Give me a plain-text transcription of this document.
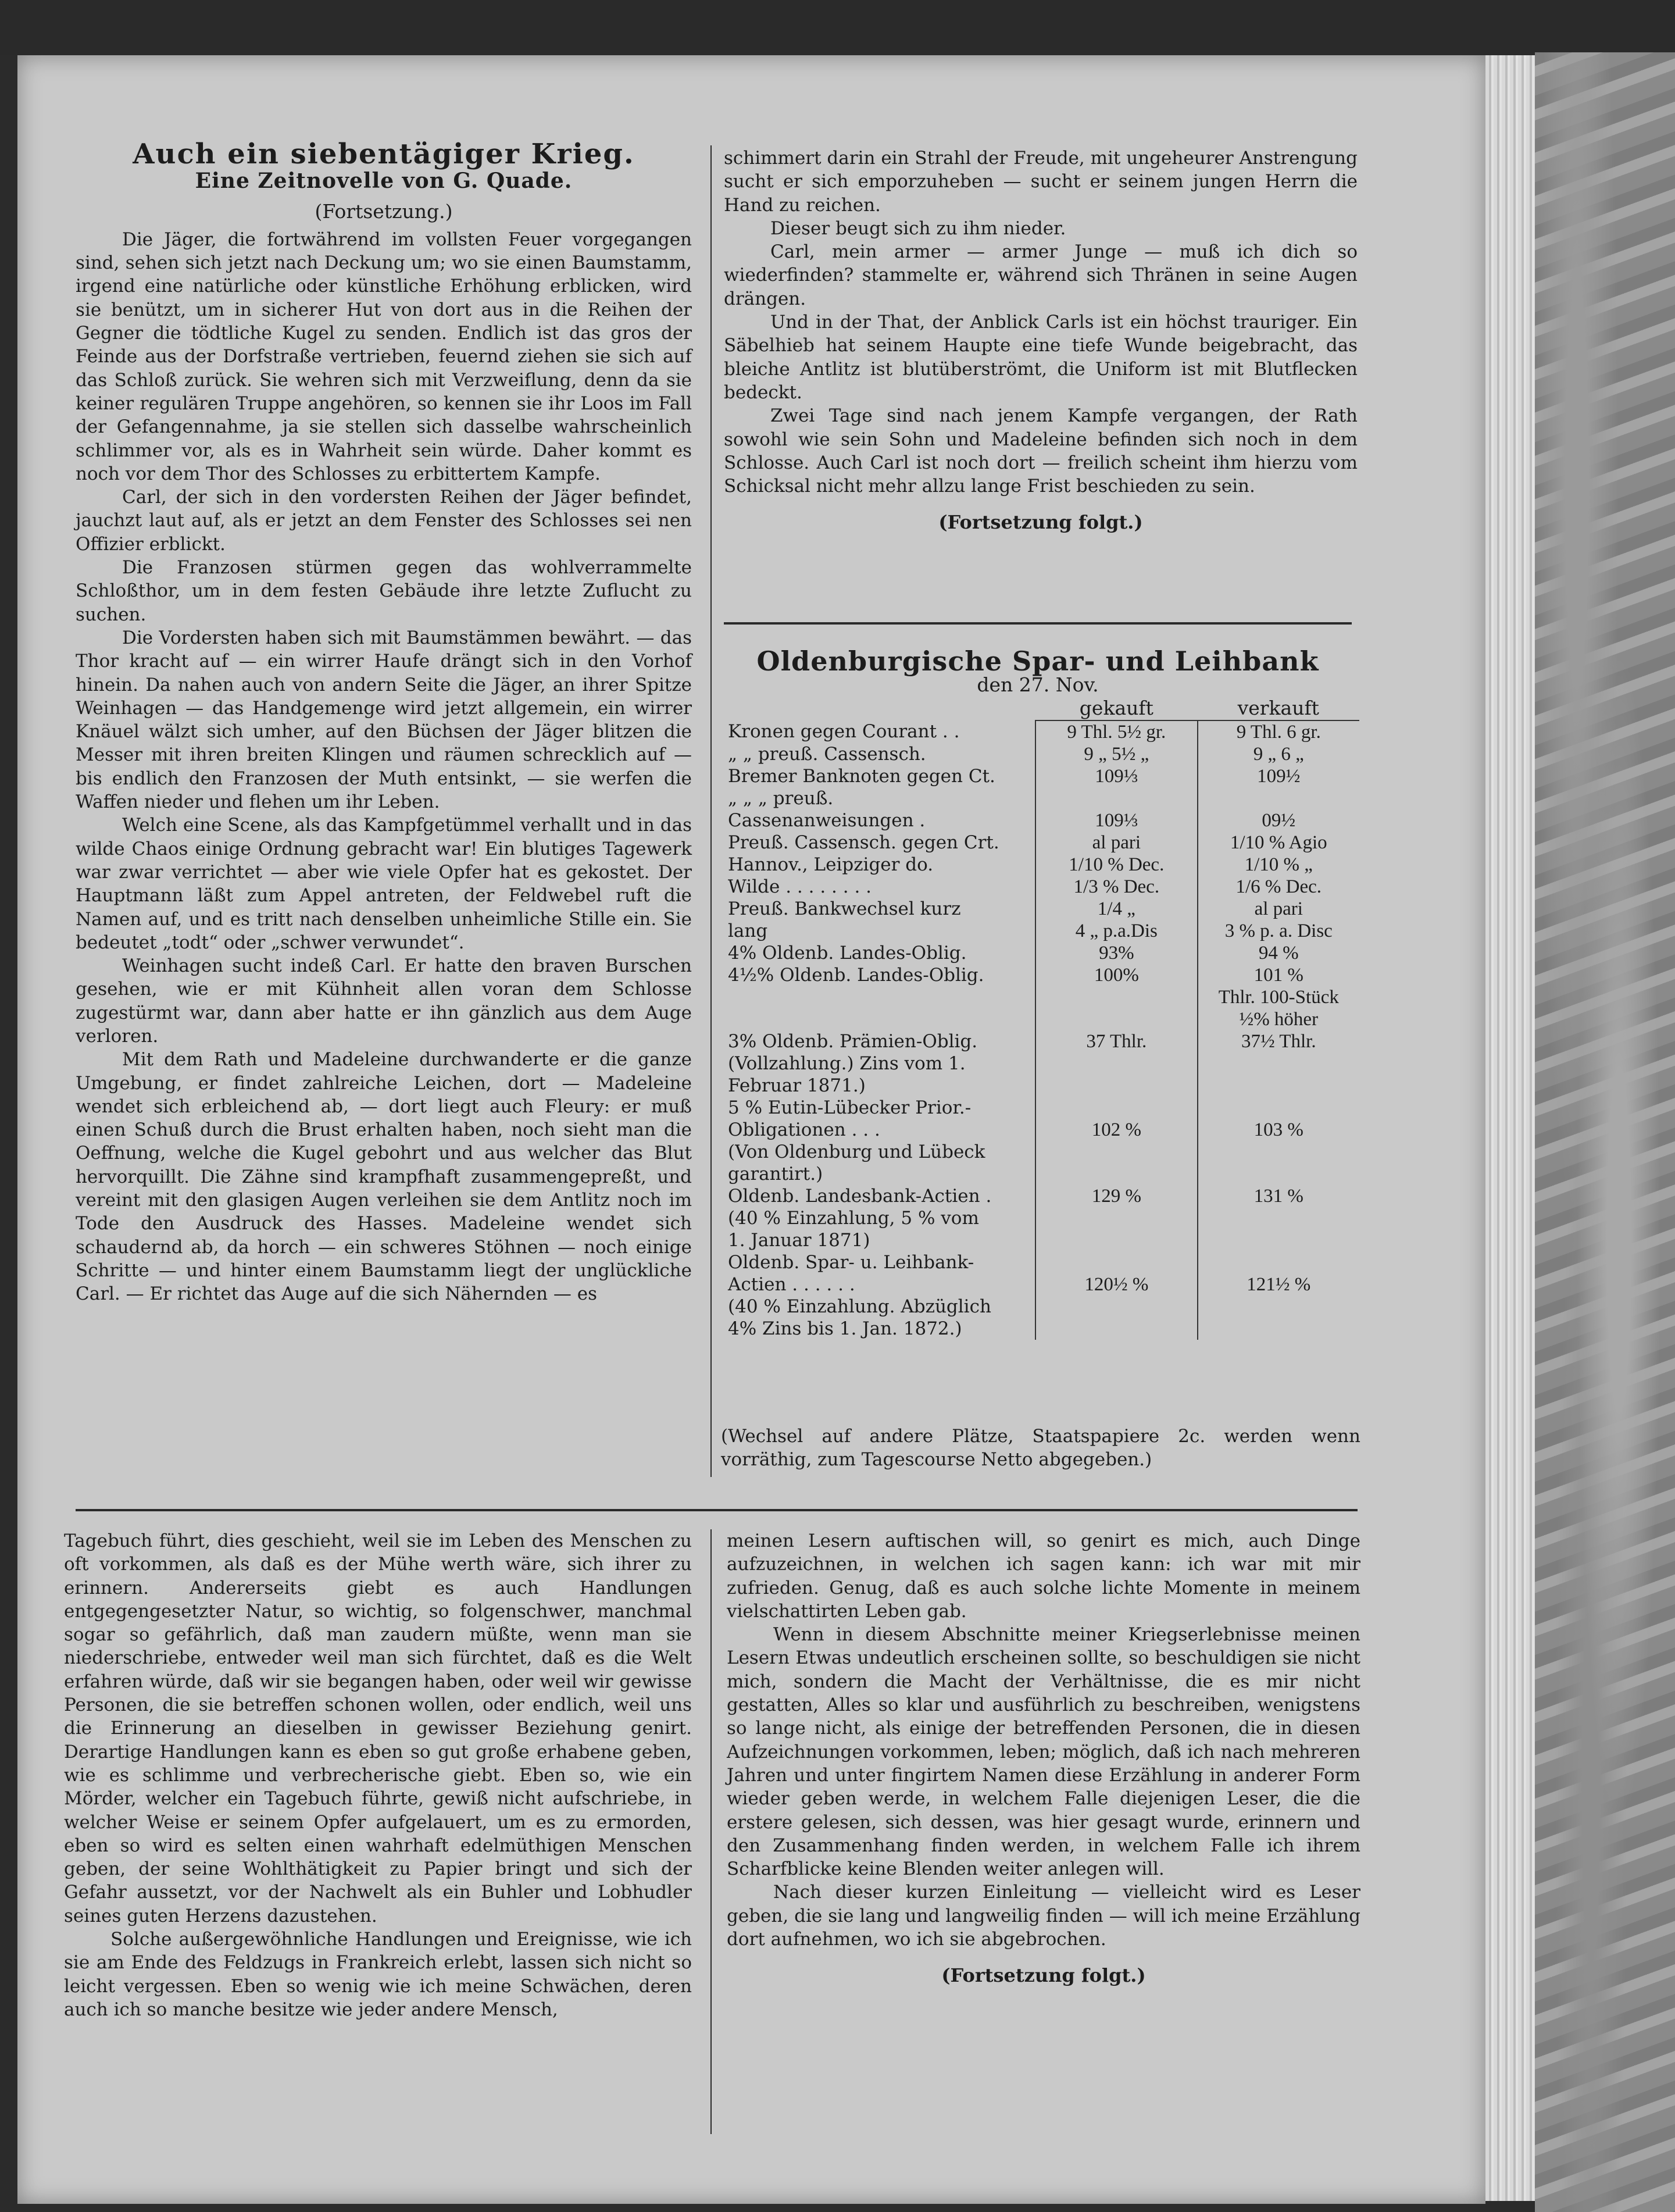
Auch ein siebentägiger Krieg.
Eine Zeitnovelle von G. Quade.
(Fortsetzung.)

Die Jäger, die fortwährend im vollsten Feuer vorgegangen sind, sehen sich jetzt nach Deckung um; wo sie einen Baumstamm, irgend eine natürliche oder künstliche Erhöhung erblicken, wird sie benützt, um in sicherer Hut von dort aus in die Reihen der Gegner die tödtliche Kugel zu senden. Endlich ist das gros der Feinde aus der Dorfstraße vertrieben, feuernd ziehen sie sich auf das Schloß zurück. Sie wehren sich mit Verzweiflung, denn da sie keiner regulären Truppe angehören, so kennen sie ihr Loos im Fall der Gefangennahme, ja sie stellen sich dasselbe wahrscheinlich schlimmer vor, als es in Wahrheit sein würde. Daher kommt es noch vor dem Thor des Schlosses zu erbittertem Kampfe.

Carl, der sich in den vordersten Reihen der Jäger befindet, jauchzt laut auf, als er jetzt an dem Fenster des Schlosses sei nen Offizier erblickt.

Die Franzosen stürmen gegen das wohlverrammelte Schloßthor, um in dem festen Gebäude ihre letzte Zuflucht zu suchen.

Die Vordersten haben sich mit Baumstämmen bewährt. — das Thor kracht auf — ein wirrer Haufe drängt sich in den Vorhof hinein. Da nahen auch von andern Seite die Jäger, an ihrer Spitze Weinhagen — das Handgemenge wird jetzt allgemein, ein wirrer Knäuel wälzt sich umher, auf den Büchsen der Jäger blitzen die Messer mit ihren breiten Klingen und räumen schrecklich auf — bis endlich den Franzosen der Muth entsinkt, — sie werfen die Waffen nieder und flehen um ihr Leben.

Welch eine Scene, als das Kampfgetümmel verhallt und in das wilde Chaos einige Ordnung gebracht war! Ein blutiges Tagewerk war zwar verrichtet — aber wie viele Opfer hat es gekostet. Der Hauptmann läßt zum Appel antreten, der Feldwebel ruft die Namen auf, und es tritt nach denselben unheimliche Stille ein. Sie bedeutet „todt“ oder „schwer verwundet“.

Weinhagen sucht indeß Carl. Er hatte den braven Burschen gesehen, wie er mit Kühnheit allen voran dem Schlosse zugestürmt war, dann aber hatte er ihn gänzlich aus dem Auge verloren.

Mit dem Rath und Madeleine durchwanderte er die ganze Umgebung, er findet zahlreiche Leichen, dort — Madeleine wendet sich erbleichend ab, — dort liegt auch Fleury: er muß einen Schuß durch die Brust erhalten haben, noch sieht man die Oeffnung, welche die Kugel gebohrt und aus welcher das Blut hervorquillt. Die Zähne sind krampfhaft zusammengepreßt, und vereint mit den glasigen Augen verleihen sie dem Antlitz noch im Tode den Ausdruck des Hasses. Madeleine wendet sich schaudernd ab, da horch — ein schweres Stöhnen — noch einige Schritte — und hinter einem Baumstamm liegt der unglückliche Carl. — Er richtet das Auge auf die sich Nähernden — es

schimmert darin ein Strahl der Freude, mit ungeheurer Anstrengung sucht er sich emporzuheben — sucht er seinem jungen Herrn die Hand zu reichen.

Dieser beugt sich zu ihm nieder.

Carl, mein armer — armer Junge — muß ich dich so wiederfinden? stammelte er, während sich Thränen in seine Augen drängen.

Und in der That, der Anblick Carls ist ein höchst trauriger. Ein Säbelhieb hat seinem Haupte eine tiefe Wunde beigebracht, das bleiche Antlitz ist blutüberströmt, die Uniform ist mit Blutflecken bedeckt.

Zwei Tage sind nach jenem Kampfe vergangen, der Rath sowohl wie sein Sohn und Madeleine befinden sich noch in dem Schlosse. Auch Carl ist noch dort — freilich scheint ihm hierzu vom Schicksal nicht mehr allzu lange Frist beschieden zu sein.

(Fortsetzung folgt.)
Oldenburgische Spar- und Leihbank
den 27. Nov.
	gekauft	verkauft
Kronen gegen Courant . .	9 Thl. 5½ gr.	9 Thl. 6 gr.
„ „ preuß. Cassensch.	9 „ 5½ „	9 „ 6 „
Bremer Banknoten gegen Ct.	109⅓	109½
„ „ „ preuß.		
Cassenanweisungen .	109⅓	09½
Preuß. Cassensch. gegen Crt.	al pari	1/10 % Agio
Hannov., Leipziger do.	1/10 % Dec.	1/10 % „
Wilde . . . . . . . .	1/3 % Dec.	1/6 % Dec.
Preuß. Bankwechsel kurz	1/4 „	al pari
lang	4 „ p.a.Dis	3 % p. a. Disc
4% Oldenb. Landes-Oblig.	93%	94 %
4½% Oldenb. Landes-Oblig.	100%	101 %
		Thlr. 100-Stück
		½% höher
3% Oldenb. Prämien-Oblig.	37 Thlr.	37½ Thlr.
(Vollzahlung.) Zins vom 1.		
Februar 1871.)		
5 % Eutin-Lübecker Prior.-		
Obligationen . . .	102 %	103 %
(Von Oldenburg und Lübeck		
garantirt.)		
Oldenb. Landesbank-Actien .	129 %	131 %
(40 % Einzahlung, 5 % vom		
1. Januar 1871)		
Oldenb. Spar- u. Leihbank-		
Actien . . . . . .	120½ %	121½ %
(40 % Einzahlung. Abzüglich		
4% Zins bis 1. Jan. 1872.)		
(Wechsel auf andere Plätze, Staatspapiere 2c. werden wenn vorräthig, zum Tagescourse Netto abgegeben.)

Tagebuch führt, dies geschieht, weil sie im Leben des Menschen zu oft vorkommen, als daß es der Mühe werth wäre, sich ihrer zu erinnern. Andererseits giebt es auch Handlungen entgegengesetzter Natur, so wichtig, so folgenschwer, manchmal sogar so gefährlich, daß man zaudern müßte, wenn man sie niederschriebe, entweder weil man sich fürchtet, daß es die Welt erfahren würde, daß wir sie begangen haben, oder weil wir gewisse Personen, die sie betreffen schonen wollen, oder endlich, weil uns die Erinnerung an dieselben in gewisser Beziehung genirt. Derartige Handlungen kann es eben so gut große erhabene geben, wie es schlimme und verbrecherische giebt. Eben so, wie ein Mörder, welcher ein Tagebuch führte, gewiß nicht aufschriebe, in welcher Weise er seinem Opfer aufgelauert, um es zu ermorden, eben so wird es selten einen wahrhaft edelmüthigen Menschen geben, der seine Wohlthätigkeit zu Papier bringt und sich der Gefahr aussetzt, vor der Nachwelt als ein Buhler und Lobhudler seines guten Herzens dazustehen.

Solche außergewöhnliche Handlungen und Ereignisse, wie ich sie am Ende des Feldzugs in Frankreich erlebt, lassen sich nicht so leicht vergessen. Eben so wenig wie ich meine Schwächen, deren auch ich so manche besitze wie jeder andere Mensch,

meinen Lesern auftischen will, so genirt es mich, auch Dinge aufzuzeichnen, in welchen ich sagen kann: ich war mit mir zufrieden. Genug, daß es auch solche lichte Momente in meinem vielschattirten Leben gab.

Wenn in diesem Abschnitte meiner Kriegserlebnisse meinen Lesern Etwas undeutlich erscheinen sollte, so beschuldigen sie nicht mich, sondern die Macht der Verhältnisse, die es mir nicht gestatten, Alles so klar und ausführlich zu beschreiben, wenigstens so lange nicht, als einige der betreffenden Personen, die in diesen Aufzeichnungen vorkommen, leben; möglich, daß ich nach mehreren Jahren und unter fingirtem Namen diese Erzählung in anderer Form wieder geben werde, in welchem Falle diejenigen Leser, die die erstere gelesen, sich dessen, was hier gesagt wurde, erinnern und den Zusammenhang finden werden, in welchem Falle ich ihrem Scharfblicke keine Blenden weiter anlegen will.

Nach dieser kurzen Einleitung — vielleicht wird es Leser geben, die sie lang und langweilig finden — will ich meine Erzählung dort aufnehmen, wo ich sie abgebrochen.

(Fortsetzung folgt.)
